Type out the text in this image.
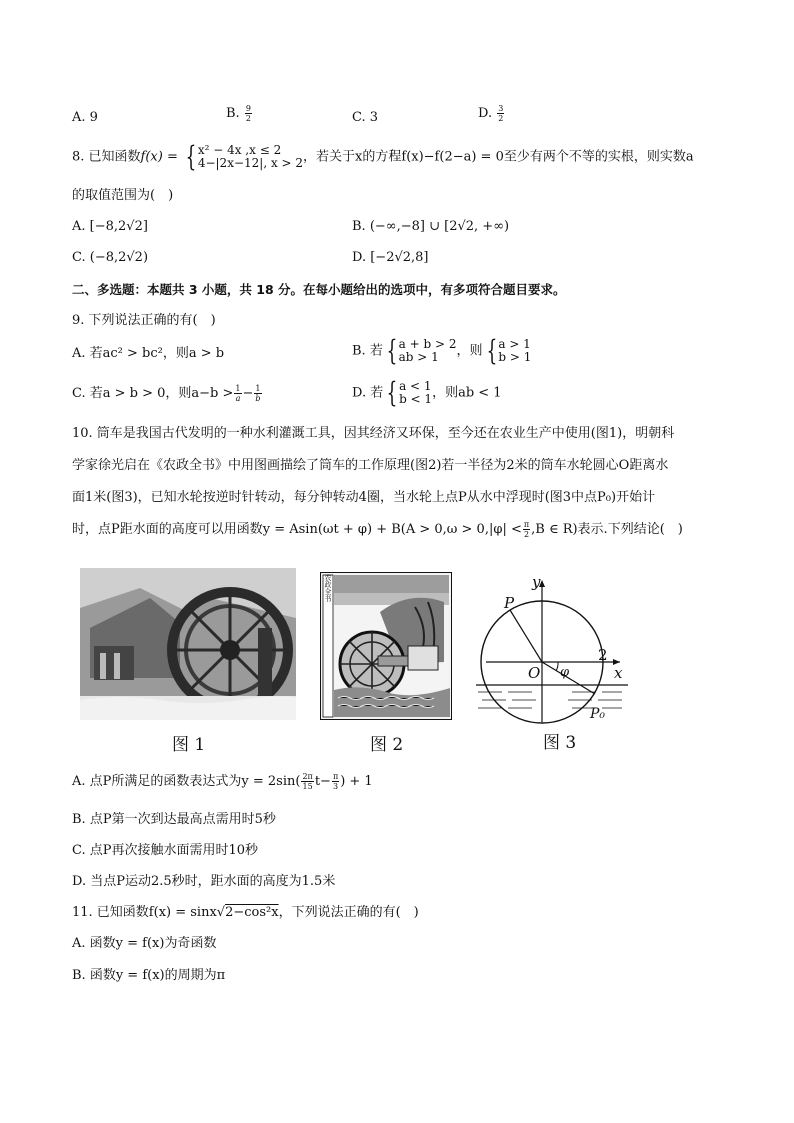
A. 9	B. $\frac{9}{2}$	C. 3	D. $\frac{3}{2}$
8. 已知函数f(x) = { x² − 4x ,x ≤ 2
4−|2x−12|, x > 2 ，若关于x的方程f(x)−f(2−a) = 0至少有两个不等的实根，则实数a
的取值范围为(　)
A. [−8,2√2]	B. (−∞,−8] ∪ [2√2, +∞)
C. (−8,2√2)	D. [−2√2,8]
二、多选题：本题共 3 小题，共 18 分。在每小题给出的选项中，有多项符合题目要求。
9. 下列说法正确的有(　)
A. 若ac² > bc²，则a > b	B. 若 { a + b > 2
ab > 1	，则 { a > 1
b > 1
C. 若a > b > 0，则$a-b > \frac{1}{a} - \frac{1}{b}$	D. 若 { a < 1
b < 1 ，则ab < 1
10. 筒车是我国古代发明的一种水利灌溉工具，因其经济又环保，至今还在农业生产中使用(图1)，明朝科
学家徐光启在《农政全书》中用图画描绘了筒车的工作原理(图2)若一半径为2米的筒车水轮圆心O距离水
面1米(图3)，已知水轮按逆时针转动，每分钟转动4圈，当水轮上点P从水中浮现时(图3中点P₀)开始计
时，点P距水面的高度可以用函数$y = Asin(\omega t + \varphi) + B(A > 0,\omega > 0,|\varphi| < \frac{\pi}{2} ,B$ ∈ R)表示.下列结论(　)
图 1
农政全书
图 2
y
x
P
O φ
2
P₀
图 3
A. 点P所满足的函数表达式为$y = 2\sin( \frac{2\pi}{15} t- \frac{\pi}{3}$ ) + 1
B. 点P第一次到达最高点需用时5秒
C. 点P再次接触水面需用时10秒
D. 当点P运动2.5秒时，距水面的高度为1.5米
11. 已知函数f(x) = sinx√2−cos²x，下列说法正确的有(　)
A. 函数y = f(x)为奇函数
B. 函数y = f(x)的周期为π
